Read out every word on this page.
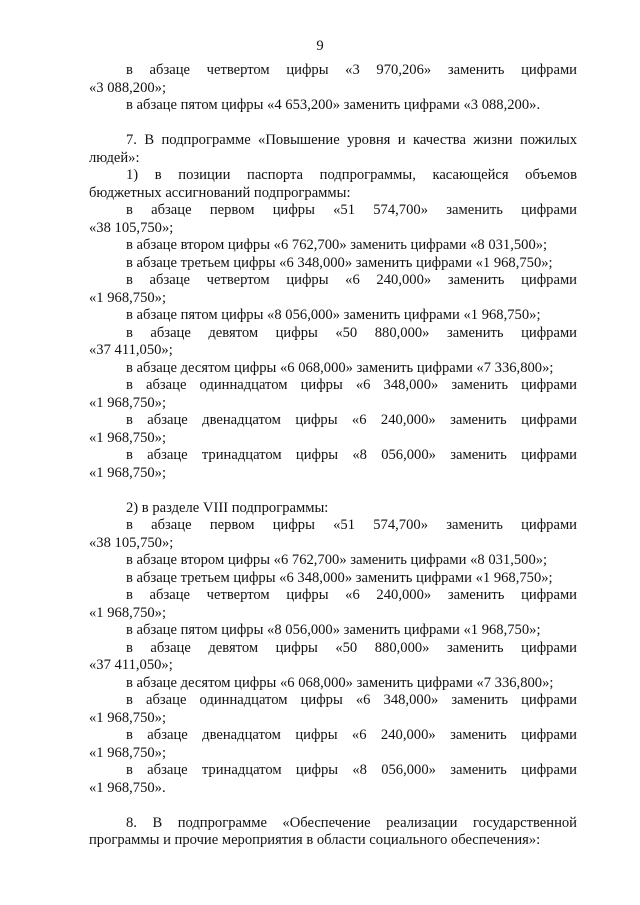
9
в абзаце четвертом цифры «3 970,206» заменить цифрами
«3 088,200»;
в абзаце пятом цифры «4 653,200» заменить цифрами «3 088,200».
7. В подпрограмме «Повышение уровня и качества жизни пожилых
людей»:
1) в позиции паспорта подпрограммы, касающейся объемов
бюджетных ассигнований подпрограммы:
в абзаце первом цифры «51 574,700» заменить цифрами
«38 105,750»;
в абзаце втором цифры «6 762,700» заменить цифрами «8 031,500»;
в абзаце третьем цифры «6 348,000» заменить цифрами «1 968,750»;
в абзаце четвертом цифры «6 240,000» заменить цифрами
«1 968,750»;
в абзаце пятом цифры «8 056,000» заменить цифрами «1 968,750»;
в абзаце девятом цифры «50 880,000» заменить цифрами
«37 411,050»;
в абзаце десятом цифры «6 068,000» заменить цифрами «7 336,800»;
в абзаце одиннадцатом цифры «6 348,000» заменить цифрами
«1 968,750»;
в абзаце двенадцатом цифры «6 240,000» заменить цифрами
«1 968,750»;
в абзаце тринадцатом цифры «8 056,000» заменить цифрами
«1 968,750»;
2) в разделе VIII подпрограммы:
в абзаце первом цифры «51 574,700» заменить цифрами
«38 105,750»;
в абзаце втором цифры «6 762,700» заменить цифрами «8 031,500»;
в абзаце третьем цифры «6 348,000» заменить цифрами «1 968,750»;
в абзаце четвертом цифры «6 240,000» заменить цифрами
«1 968,750»;
в абзаце пятом цифры «8 056,000» заменить цифрами «1 968,750»;
в абзаце девятом цифры «50 880,000» заменить цифрами
«37 411,050»;
в абзаце десятом цифры «6 068,000» заменить цифрами «7 336,800»;
в абзаце одиннадцатом цифры «6 348,000» заменить цифрами
«1 968,750»;
в абзаце двенадцатом цифры «6 240,000» заменить цифрами
«1 968,750»;
в абзаце тринадцатом цифры «8 056,000» заменить цифрами
«1 968,750».
8. В подпрограмме «Обеспечение реализации государственной
программы и прочие мероприятия в области социального обеспечения»:
